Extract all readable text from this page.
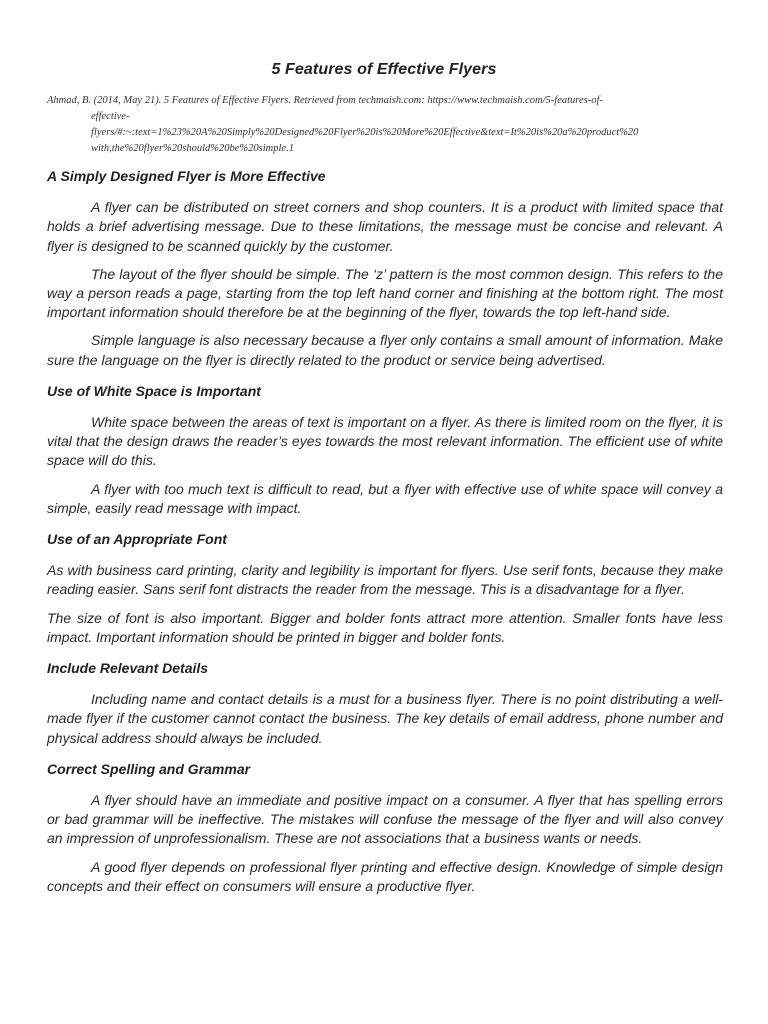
5 Features of Effective Flyers
Ahmad, B. (2014, May 21). 5 Features of Effective Flyers. Retrieved from techmaish.com: https://www.techmaish.com/5-features-of-
effective-
flyers/#:~:text=1%23%20A%20Simply%20Designed%20Flyer%20is%20More%20Effective&text=It%20is%20a%20product%20
with,the%20flyer%20should%20be%20simple.1

A Simply Designed Flyer is More Effective

A flyer can be distributed on street corners and shop counters. It is a product with limited space that holds a brief advertising message. Due to these limitations, the message must be concise and relevant. A flyer is designed to be scanned quickly by the customer.

The layout of the flyer should be simple. The ‘z’ pattern is the most common design. This refers to the way a person reads a page, starting from the top left hand corner and finishing at the bottom right. The most important information should therefore be at the beginning of the flyer, towards the top left-hand side.

Simple language is also necessary because a flyer only contains a small amount of information. Make sure the language on the flyer is directly related to the product or service being advertised.

Use of White Space is Important

White space between the areas of text is important on a flyer. As there is limited room on the flyer, it is vital that the design draws the reader’s eyes towards the most relevant information. The efficient use of white space will do this.

A flyer with too much text is difficult to read, but a flyer with effective use of white space will convey a simple, easily read message with impact.

Use of an Appropriate Font

As with business card printing, clarity and legibility is important for flyers. Use serif fonts, because they make reading easier. Sans serif font distracts the reader from the message. This is a disadvantage for a flyer.

The size of font is also important. Bigger and bolder fonts attract more attention. Smaller fonts have less impact. Important information should be printed in bigger and bolder fonts.

Include Relevant Details

Including name and contact details is a must for a business flyer. There is no point distributing a well-made flyer if the customer cannot contact the business. The key details of email address, phone number and physical address should always be included.

Correct Spelling and Grammar

A flyer should have an immediate and positive impact on a consumer. A flyer that has spelling errors or bad grammar will be ineffective. The mistakes will confuse the message of the flyer and will also convey an impression of unprofessionalism. These are not associations that a business wants or needs.

A good flyer depends on professional flyer printing and effective design. Knowledge of simple design concepts and their effect on consumers will ensure a productive flyer.
